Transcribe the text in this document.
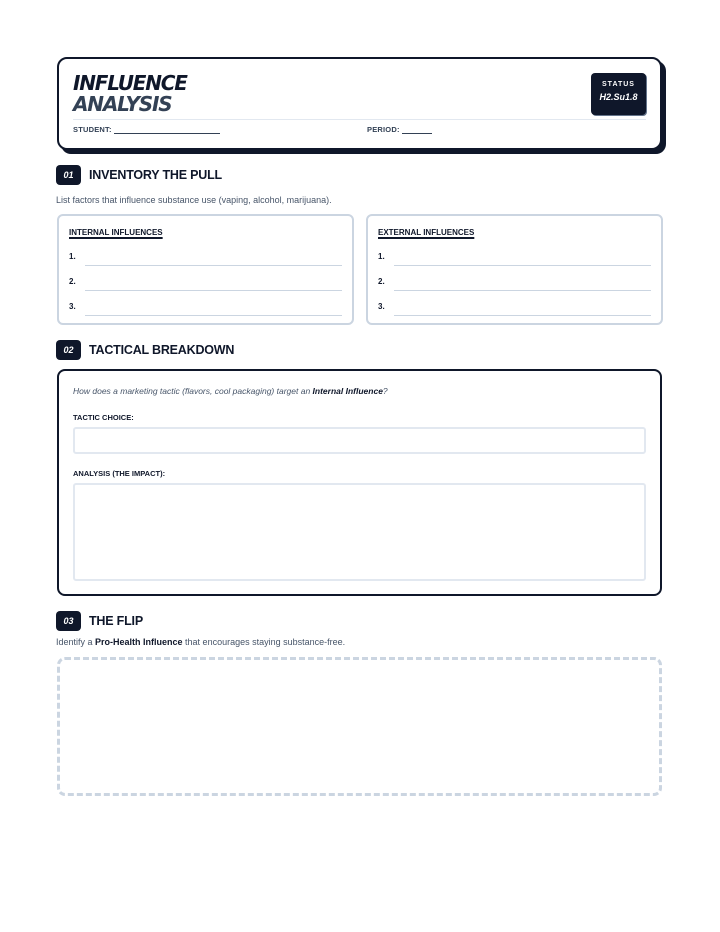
INFLUENCE
ANALYSIS
STATUS
H2.Su1.8
STUDENT:	PERIOD:
01	INVENTORY THE PULL
List factors that influence substance use (vaping, alcohol, marijuana).
INTERNAL INFLUENCES
1.
2.
3.
EXTERNAL INFLUENCES
1.
2.
3.
02	TACTICAL BREAKDOWN
How does a marketing tactic (flavors, cool packaging) target an Internal Influence?
TACTIC CHOICE:
ANALYSIS (THE IMPACT):
03	THE FLIP
Identify a Pro-Health Influence that encourages staying substance-free.
